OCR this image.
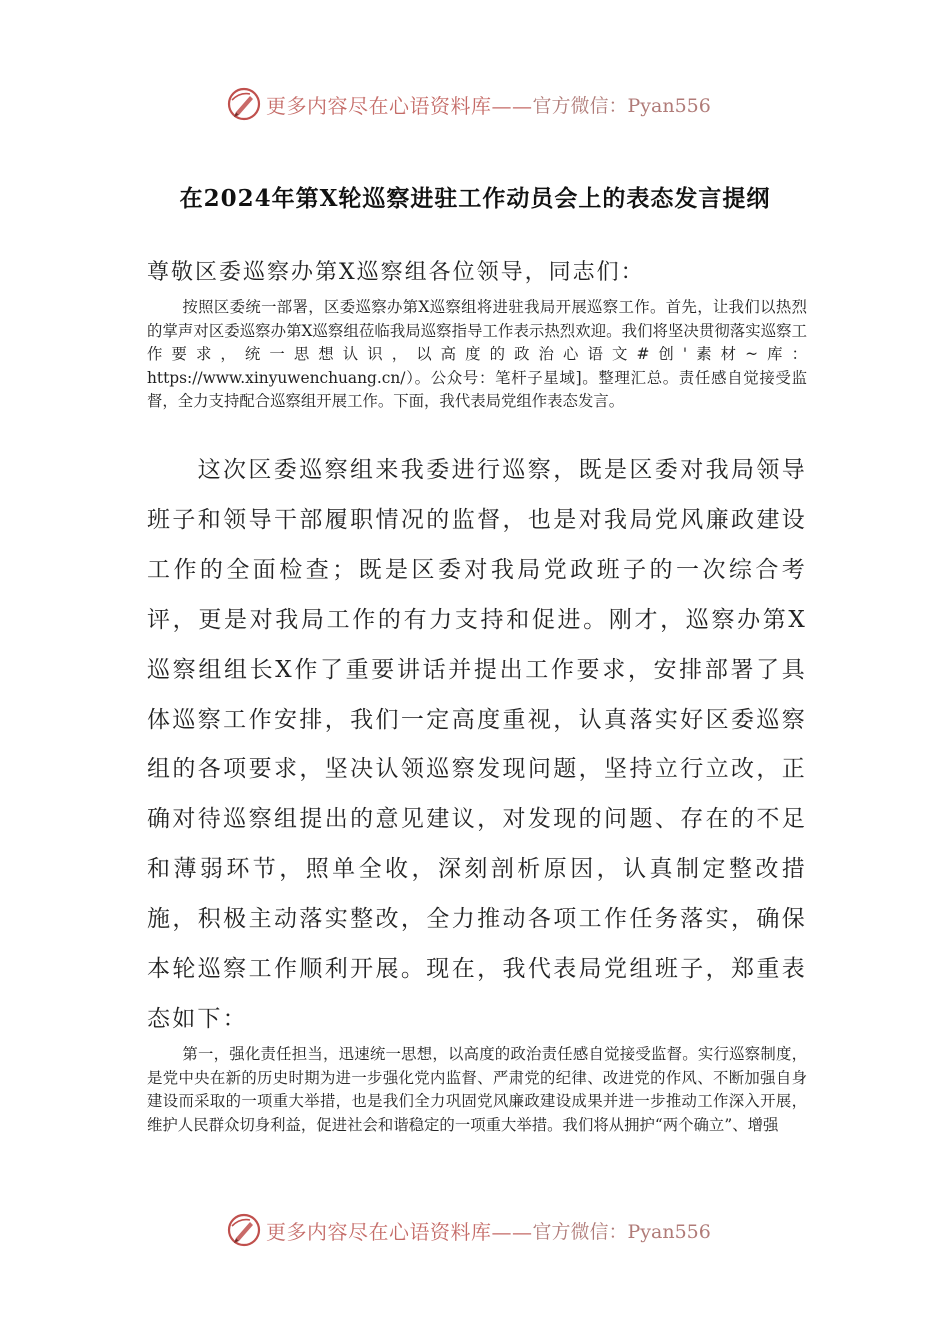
更多内容尽在心语资料库—— 官方微信：Pyan556
在2024年第X轮巡察进驻工作动员会上的表态发言提纲
尊敬区委巡察办第X巡察组各位领导，同志们：

按照区委统一部署，区委巡察办第X巡察组将进驻我局开展巡察工作。首先，让我们以热烈的掌声对区委巡察办第X巡察组莅临我局巡察指导工作表示热烈欢迎。我们将坚决贯彻落实巡察工作要求，统一思想认识，以高度的政治心语文#创'素材~库：https://www.xinyuwenchuang.cn/）。公众号：笔杆子星域]。整理汇总。责任感自觉接受监督，全力支持配合巡察组开展工作。下面，我代表局党组作表态发言。

这次区委巡察组来我委进行巡察，既是区委对我局领导班子和领导干部履职情况的监督，也是对我局党风廉政建设工作的全面检查；既是区委对我局党政班子的一次综合考评，更是对我局工作的有力支持和促进。刚才，巡察办第X巡察组组长X作了重要讲话并提出工作要求，安排部署了具体巡察工作安排，我们一定高度重视，认真落实好区委巡察组的各项要求，坚决认领巡察发现问题，坚持立行立改，正确对待巡察组提出的意见建议，对发现的问题、存在的不足和薄弱环节，照单全收，深刻剖析原因，认真制定整改措施，积极主动落实整改，全力推动各项工作任务落实，确保本轮巡察工作顺利开展。现在，我代表局党组班子，郑重表态如下：

第一，强化责任担当，迅速统一思想，以高度的政治责任感自觉接受监督。实行巡察制度，是党中央在新的历史时期为进一步强化党内监督、严肃党的纪律、改进党的作风、不断加强自身建设而采取的一项重大举措，也是我们全力巩固党风廉政建设成果并进一步推动工作深入开展，维护人民群众切身利益，促进社会和谐稳定的一项重大举措。我们将从拥护“两个确立”、增强

更多内容尽在心语资料库—— 官方微信：Pyan556
